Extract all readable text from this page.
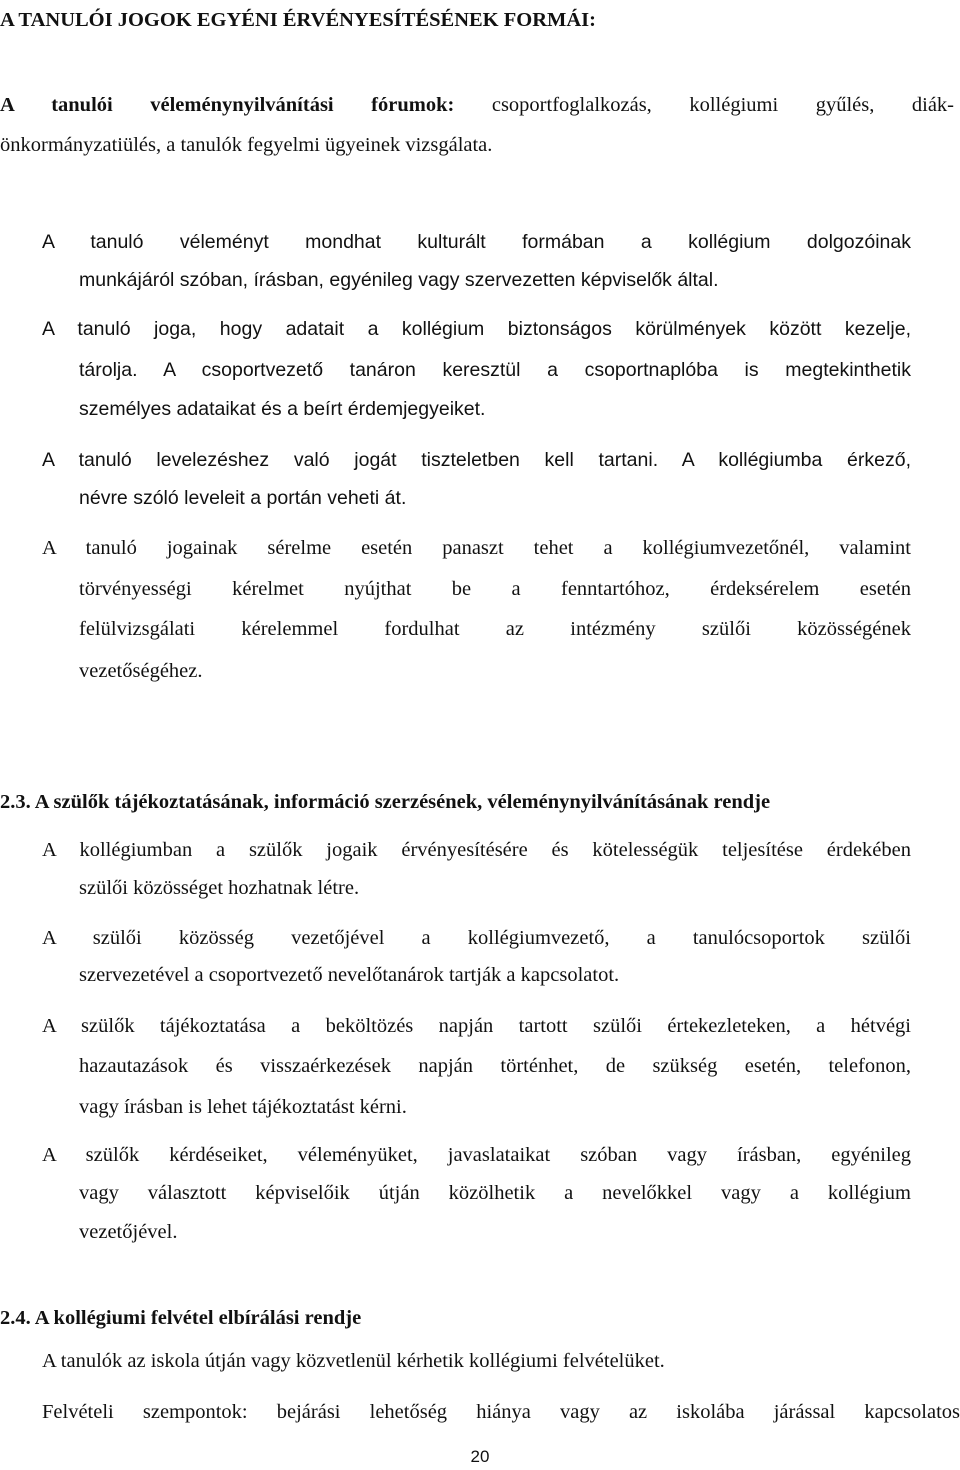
A TANULÓI JOGOK EGYÉNI ÉRVÉNYESÍTÉSÉNEK FORMÁI:
A tanulói véleménynyilvánítási fórumok: csoportfoglalkozás, kollégiumi gyűlés, diák-
önkormányzatiülés, a tanulók fegyelmi ügyeinek vizsgálata.
A tanuló véleményt mondhat kulturált formában a kollégium dolgozóinak
munkájáról szóban, írásban, egyénileg vagy szervezetten képviselők által.
A tanuló joga, hogy adatait a kollégium biztonságos körülmények között kezelje,
tárolja. A csoportvezető tanáron keresztül a csoportnaplóba is megtekinthetik
személyes adataikat és a beírt érdemjegyeiket.
A tanuló levelezéshez való jogát tiszteletben kell tartani. A kollégiumba érkező,
névre szóló leveleit a portán veheti át.
A tanuló jogainak sérelme esetén panaszt tehet a kollégiumvezetőnél, valamint
törvényességi kérelmet nyújthat be a fenntartóhoz, érdeksérelem esetén
felülvizsgálati kérelemmel fordulhat az intézmény szülői közösségének
vezetőségéhez.
2.3. A szülők tájékoztatásának, információ szerzésének, véleménynyilvánításának rendje
A kollégiumban a szülők jogaik érvényesítésére és kötelességük teljesítése érdekében
szülői közösséget hozhatnak létre.
A szülői közösség vezetőjével a kollégiumvezető, a tanulócsoportok szülői
szervezetével a csoportvezető nevelőtanárok tartják a kapcsolatot.
A szülők tájékoztatása a beköltözés napján tartott szülői értekezleteken, a hétvégi
hazautazások és visszaérkezések napján történhet, de szükség esetén, telefonon,
vagy írásban is lehet tájékoztatást kérni.
A szülők kérdéseiket, véleményüket, javaslataikat szóban vagy írásban, egyénileg
vagy választott képviselőik útján közölhetik a nevelőkkel vagy a kollégium
vezetőjével.
2.4. A kollégiumi felvétel elbírálási rendje
A tanulók az iskola útján vagy közvetlenül kérhetik kollégiumi felvételüket.
Felvételi szempontok: bejárási lehetőség hiánya vagy az iskolába járással kapcsolatos
20
